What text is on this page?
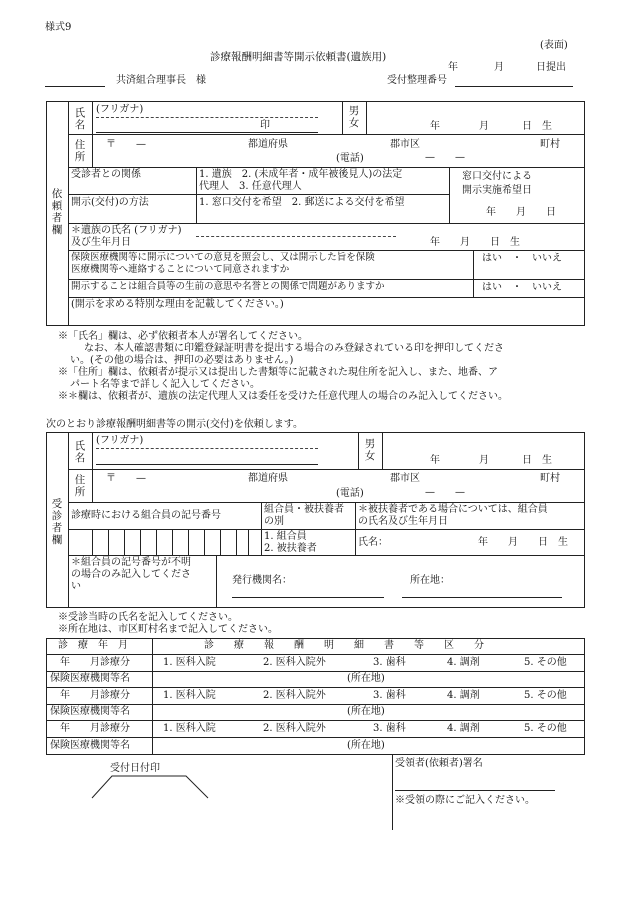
様式9
(表面)
診療報酬明細書等開示依頼書(遺族用)
年	月	日提出
共済組合理事長　様	受付整理番号
依頼者欄
氏名
(フリガナ)
印
男女	年	月	日　生
住所
〒　　—	都道府県	郡市区	町村
(電話)	—　　—
受診者との関係	1. 遺族　2. (未成年者・成年被後見人)の法定
代理人　3. 任意代理人
開示(交付)の方法	1. 窓口交付を希望　2. 郵送による交付を希望
窓口交付による
開示実施希望日
年　　月　　日
＊遺族の氏名 (フリガナ)
及び生年月日	年　　月　　日　生
保険医療機関等に開示についての意見を照会し、又は開示した旨を保険
医療機関等へ連絡することについて同意されますか
はい　・　いいえ
開示することは組合員等の生前の意思や名誉との関係で問題がありますか	はい　・　いいえ
(開示を求める特別な理由を記載してください。)
※「氏名」欄は、必ず依頼者本人が署名してください。
なお、本人確認書類に印鑑登録証明書を提出する場合のみ登録されている印を押印してくださ
い。(その他の場合は、押印の必要はありません。)
※「住所」欄は、依頼者が提示又は提出した書類等に記載された現住所を記入し、また、地番、ア
パート名等まで詳しく記入してください。
※＊欄は、依頼者が、遺族の法定代理人又は委任を受けた任意代理人の場合のみ記入してください。
次のとおり診療報酬明細書等の開示(交付)を依頼します。
受診者欄
氏名
(フリガナ)	男女	年	月	日　生
住所
〒　　—	都道府県	郡市区	町村
(電話)	—　　—
診療時における組合員の記号番号
組合員・被扶養者
の別
1. 組合員
2. 被扶養者
＊被扶養者である場合については、組合員
の氏名及び生年月日
氏名：	年　　月　　日　生
＊組合員の記号番号が不明
の場合のみ記入してくださ
い
発行機関名：	所在地：
※受診当時の氏名を記入してください。
※所在地は、市区町村名まで記入してください。
診　療　年　月	診　　療　　報　　酬　　明　　細　　書　　等　　区　　分
年　　月診療分	1. 医科入院	2. 医科入院外	3. 歯科	4. 調剤	5. その他
保険医療機関等名	(所在地)
年　　月診療分	1. 医科入院	2. 医科入院外	3. 歯科	4. 調剤	5. その他
保険医療機関等名	(所在地)
年　　月診療分	1. 医科入院	2. 医科入院外	3. 歯科	4. 調剤	5. その他
保険医療機関等名	(所在地)
受付日付印	受領者(依頼者)署名
※受領の際にご記入ください。
